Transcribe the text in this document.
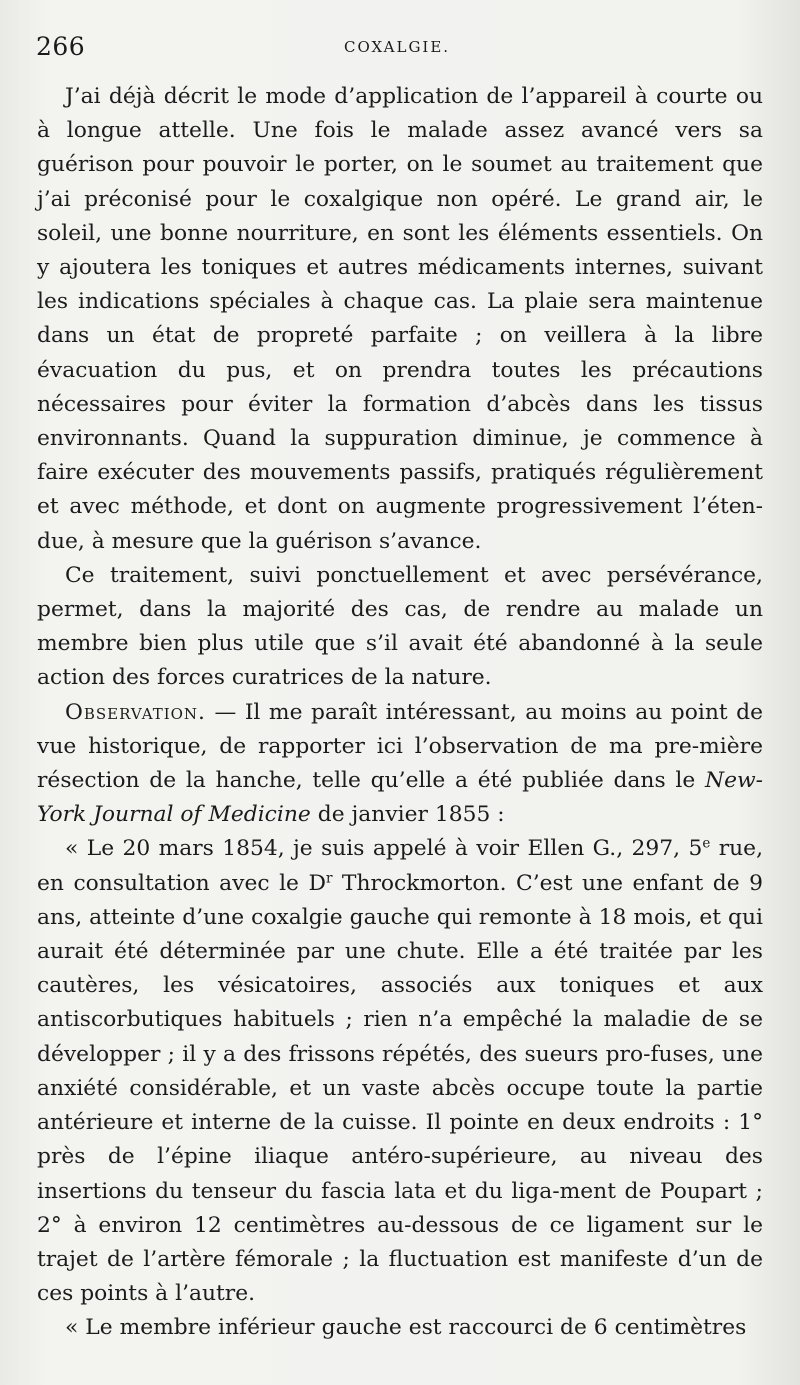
266	COXALGIE.

J’ai déjà décrit le mode d’application de l’appareil à courte ou à longue attelle. Une fois le malade assez avancé vers sa guérison pour pouvoir le porter, on le soumet au traitement que j’ai préconisé pour le coxalgique non opéré. Le grand air, le soleil, une bonne nourriture, en sont les éléments essentiels. On y ajoutera les toniques et autres médicaments internes, suivant les indications spéciales à chaque cas. La plaie sera maintenue dans un état de propreté parfaite ; on veillera à la libre évacuation du pus, et on prendra toutes les précautions nécessaires pour éviter la formation d’abcès dans les tissus environnants. Quand la suppuration diminue, je commence à faire exécuter des mouvements passifs, pratiqués régulièrement et avec méthode, et dont on augmente progressivement l’éten-due, à mesure que la guérison s’avance.

Ce traitement, suivi ponctuellement et avec persévérance, permet, dans la majorité des cas, de rendre au malade un membre bien plus utile que s’il avait été abandonné à la seule action des forces curatrices de la nature.

Observation. — Il me paraît intéressant, au moins au point de vue historique, de rapporter ici l’observation de ma pre-mière résection de la hanche, telle qu’elle a été publiée dans le New-York Journal of Medicine de janvier 1855 :

« Le 20 mars 1854, je suis appelé à voir Ellen G., 297, 5e rue, en consultation avec le $D^r$ Throckmorton. C’est une enfant de 9 ans, atteinte d’une coxalgie gauche qui remonte à 18 mois, et qui aurait été déterminée par une chute. Elle a été traitée par les cautères, les vésicatoires, associés aux toniques et aux antiscorbutiques habituels ; rien n’a empêché la maladie de se développer ; il y a des frissons répétés, des sueurs pro-fuses, une anxiété considérable, et un vaste abcès occupe toute la partie antérieure et interne de la cuisse. Il pointe en deux endroits : 1° près de l’épine iliaque antéro-supérieure, au niveau des insertions du tenseur du fascia lata et du liga-ment de Poupart ; 2° à environ 12 centimètres au-dessous de ce ligament sur le trajet de l’artère fémorale ; la fluctuation est manifeste d’un de ces points à l’autre.

« Le membre inférieur gauche est raccourci de 6 centimètres
